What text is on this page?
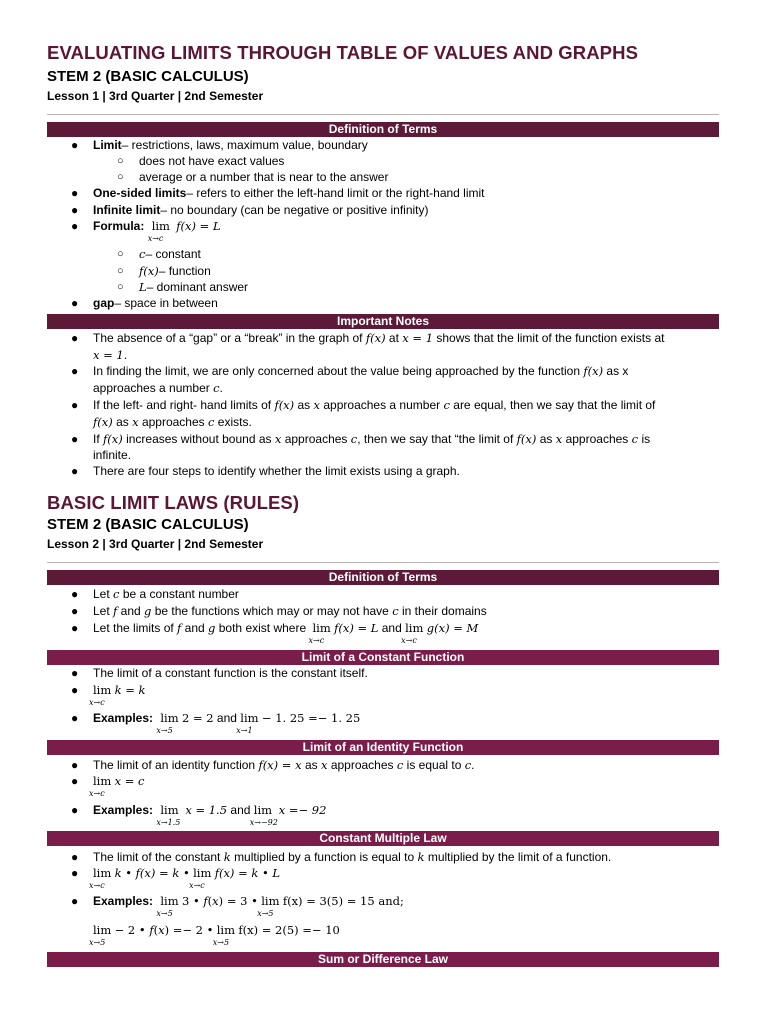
EVALUATING LIMITS THROUGH TABLE OF VALUES AND GRAPHS
STEM 2 (BASIC CALCULUS)
Lesson 1 | 3rd Quarter | 2nd Semester
Definition of Terms
● Limit– restrictions, laws, maximum value, boundary
○ does not have exact values
○ average or a number that is near to the answer
● One-sided limits– refers to either the left-hand limit or the right-hand limit
● Infinite limit– no boundary (can be negative or positive infinity)
● Formula: lim
x→c
f(x) = L
○ c– constant
○ f(x)– function
○ L– dominant answer
● gap– space in between
Important Notes
● The absence of a “gap” or a “break” in the graph of f(x) at x = 1 shows that the limit of the function exists at
x = 1.
● In finding the limit, we are only concerned about the value being approached by the function f(x) as x
approaches a number c.
● If the left- and right- hand limits of f(x) as x approaches a number c are equal, then we say that the limit of
f(x) as x approaches c exists.
● If f(x) increases without bound as x approaches c, then we say that “the limit of f(x) as x approaches c is
infinite.
● There are four steps to identify whether the limit exists using a graph.
BASIC LIMIT LAWS (RULES)
STEM 2 (BASIC CALCULUS)
Lesson 2 | 3rd Quarter | 2nd Semester
Definition of Terms
● Let c be a constant number
● Let f and g be the functions which may or may not have c in their domains
● Let the limits of f and g both exist where lim
x→c
f(x) = L and lim
x→c
g(x) = M
Limit of a Constant Function
● The limit of a constant function is the constant itself.
● lim
x→c
k = k
● Examples: lim
x→5
2 = 2 and lim
x→1
− 1. 25 =− 1. 25
Limit of an Identity Function
● The limit of an identity function f(x) = x as x approaches c is equal to c.
● lim
x→c
x = c
● Examples: lim
x→1.5
x = 1.5 and lim
x→−92
x =− 92
Constant Multiple Law
● The limit of the constant k multiplied by a function is equal to k multiplied by the limit of a function.
● lim
x→c
k • f(x) = k • lim
x→c
f(x) = k • L
● Examples: lim
x→5
3 • f(x) = 3 • lim
x→5
f(x) = 3(5) = 15 and;
lim
x→5
− 2 • f(x) =− 2 • lim
x→5
f(x) = 2(5) =− 10
Sum or Difference Law
